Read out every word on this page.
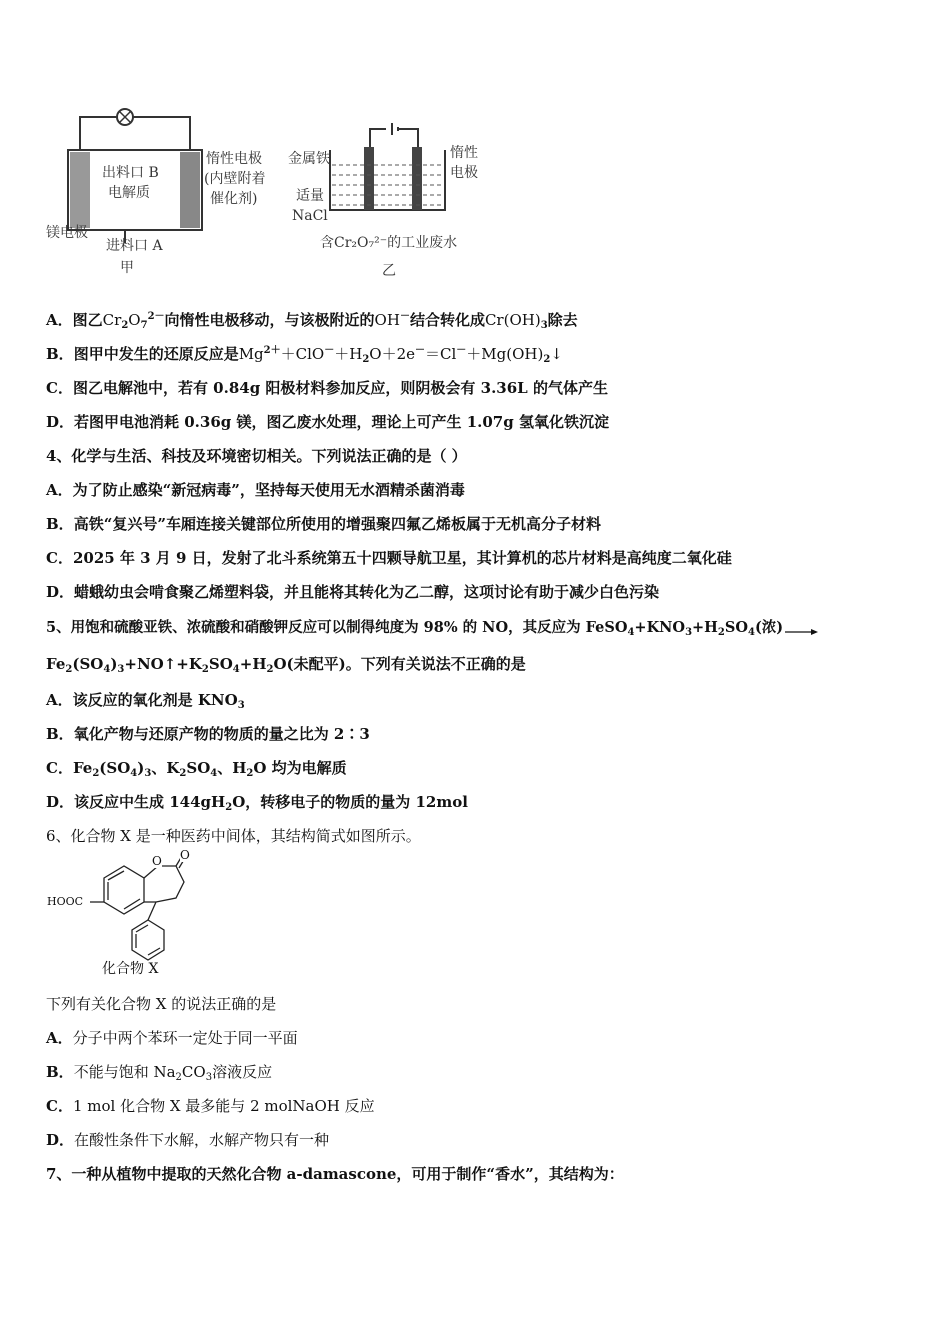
出料口 B
电解质
惰性电极
(内壁附着
催化剂)
镁电极
进料口 A
甲
金属铁
适量
NaCl
惰性
电极
含Cr₂O₇²⁻的工业废水
乙
A．图乙$Cr_2O_7^{2-}$向惰性电极移动，与该极附近的OH－结合转化成$Cr(OH)_3$除去
B．图甲中发生的还原反应是$Mg^{2+}+ClO^-+H_2O+2e^-=Cl^-+Mg(OH)_2↓$
C．图乙电解池中，若有 0.84g 阳极材料参加反应，则阴极会有 3.36L 的气体产生
D．若图甲电池消耗 0.36g 镁，图乙废水处理，理论上可产生 1.07g 氢氧化铁沉淀
4、化学与生活、科技及环境密切相关。下列说法正确的是（ ）
A．为了防止感染“新冠病毒”，坚持每天使用无水酒精杀菌消毒
B．高铁“复兴号”车厢连接关键部位所使用的增强聚四氟乙烯板属于无机高分子材料
C．2025 年 3 月 9 日，发射了北斗系统第五十四颗导航卫星，其计算机的芯片材料是高纯度二氧化硅
D．蜡蛾幼虫会啃食聚乙烯塑料袋，并且能将其转化为乙二醇，这项讨论有助于减少白色污染
5、用饱和硫酸亚铁、浓硫酸和硝酸钾反应可以制得纯度为 98% 的 NO，其反应为 $FeSO_4+KNO_3+H_2SO_4$(浓) →
$Fe_2(SO_4)_3+NO↑+K_2SO_4+H_2O$(未配平)。下列有关说法不正确的是
A．该反应的氧化剂是 $KNO_3$
B．氧化产物与还原产物的物质的量之比为 2∶3
C．$Fe_2(SO_4)_3$、$K_2SO_4$、$H_2O$ 均为电解质
D．该反应中生成 $144gH_2O$，转移电子的物质的量为 12mol
6、化合物 X 是一种医药中间体，其结构简式如图所示。
HOOC
O O
化合物 X
下列有关化合物 X 的说法正确的是
A．分子中两个苯环一定处于同一平面
B．不能与饱和 $Na_2CO_3$溶液反应
C．1 mol 化合物 X 最多能与 2 molNaOH 反应
D．在酸性条件下水解，水解产物只有一种
7、一种从植物中提取的天然化合物 a-damascone，可用于制作“香水”，其结构为：
